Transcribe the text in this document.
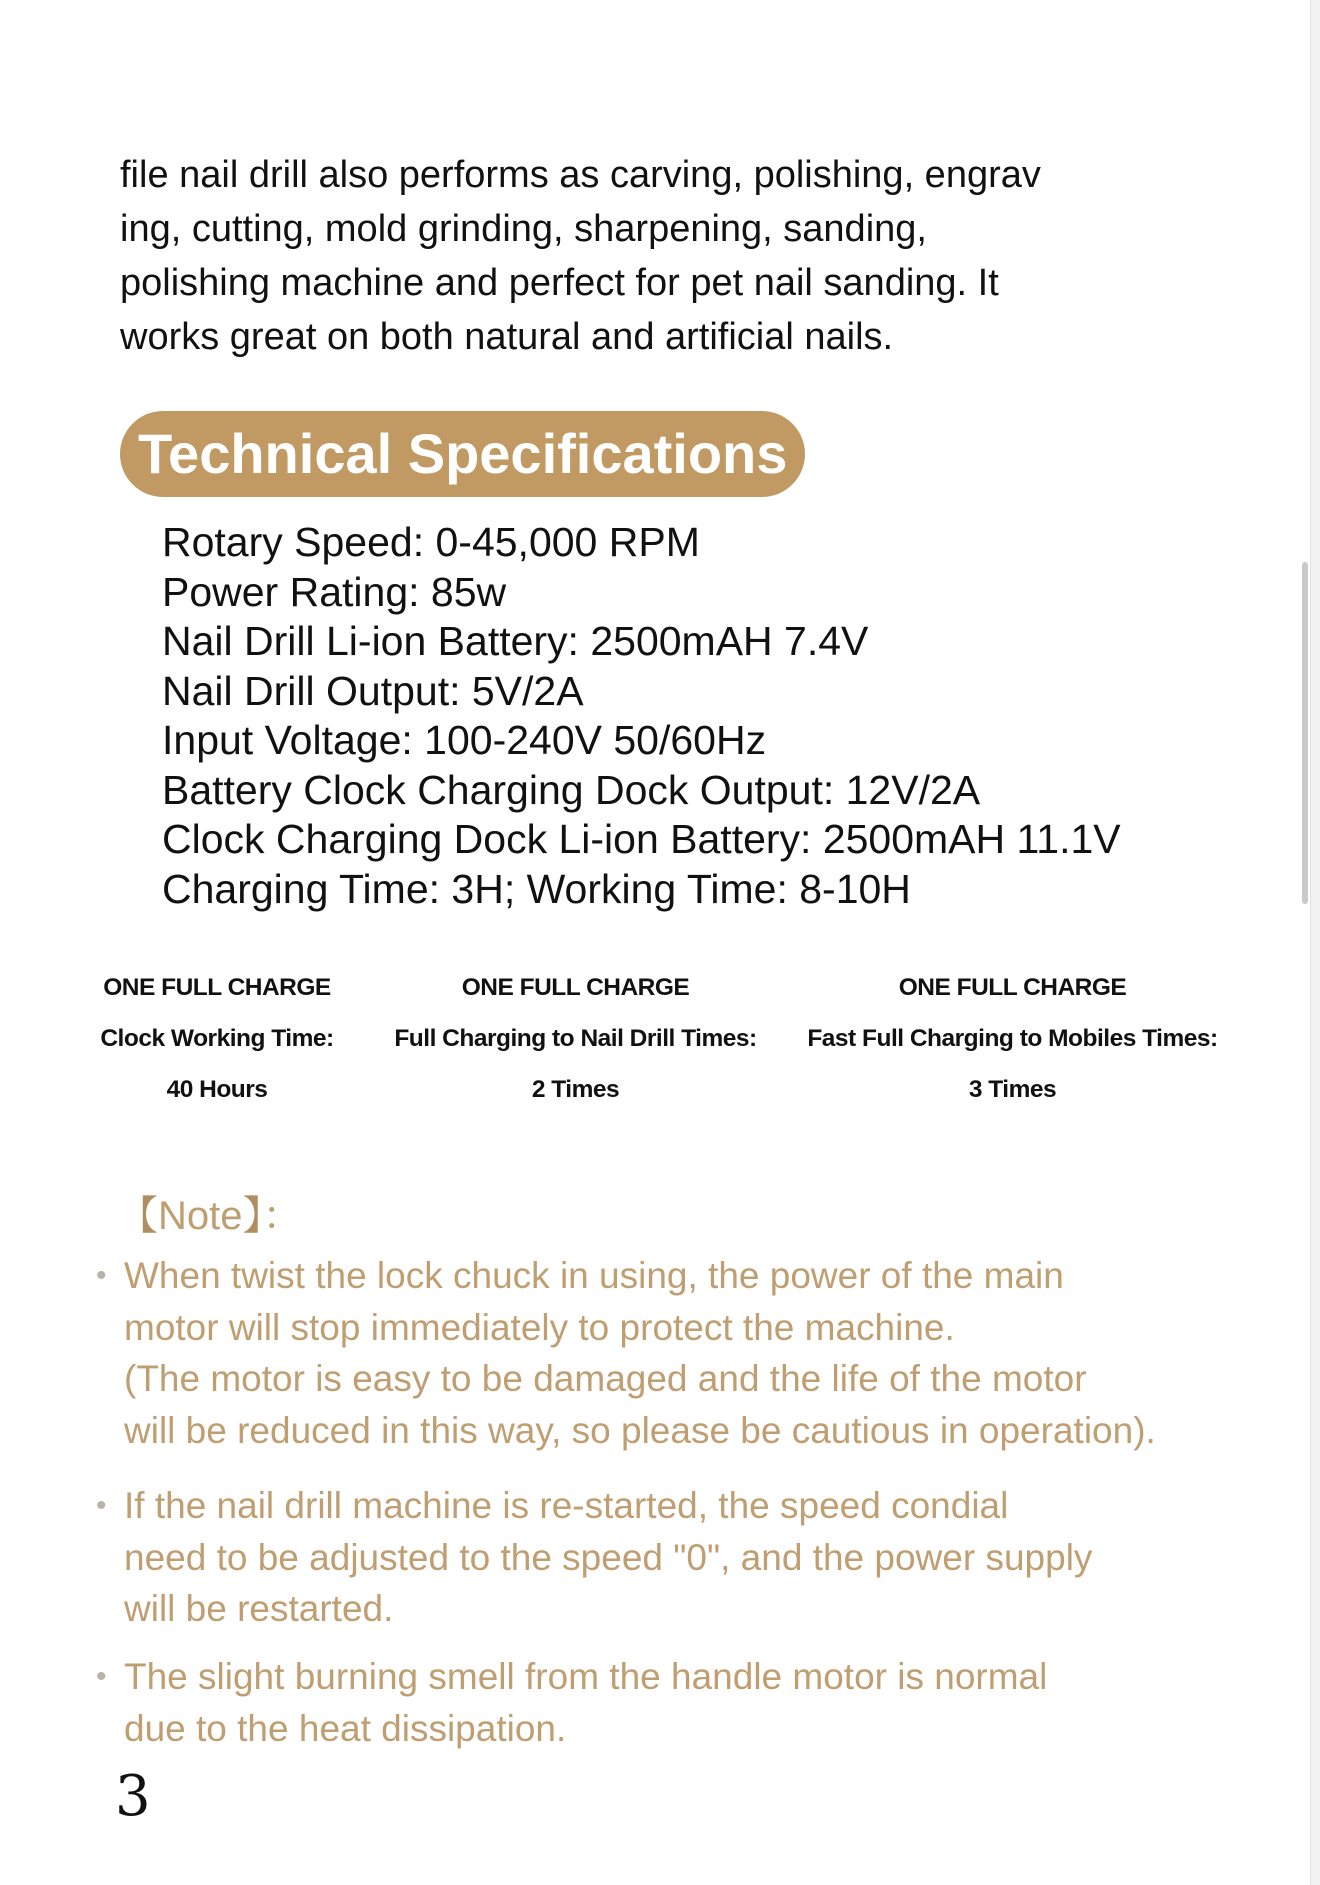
file nail drill also performs as carving, polishing, engrav
ing, cutting, mold grinding, sharpening, sanding,
polishing machine and perfect for pet nail sanding. It
works great on both natural and artificial nails.
Technical Specifications
Rotary Speed: 0-45,000 RPM
Power Rating: 85w
Nail Drill Li-ion Battery: 2500mAH 7.4V
Nail Drill Output: 5V/2A
Input Voltage: 100-240V 50/60Hz
Battery Clock Charging Dock Output: 12V/2A
Clock Charging Dock Li-ion Battery: 2500mAH 11.1V
Charging Time: 3H; Working Time: 8-10H
ONE FULL CHARGE
Clock Working Time:
40 Hours
ONE FULL CHARGE
Full Charging to Nail Drill Times:
2 Times
ONE FULL CHARGE
Fast Full Charging to Mobiles Times:
3 Times
【Note】：
• When twist the lock chuck in using, the power of the main
motor will stop immediately to protect the machine.
(The motor is easy to be damaged and the life of the motor
will be reduced in this way, so please be cautious in operation).
• If the nail drill machine is re-started, the speed condial
need to be adjusted to the speed "0", and the power supply
will be restarted.
• The slight burning smell from the handle motor is normal
due to the heat dissipation.
3
